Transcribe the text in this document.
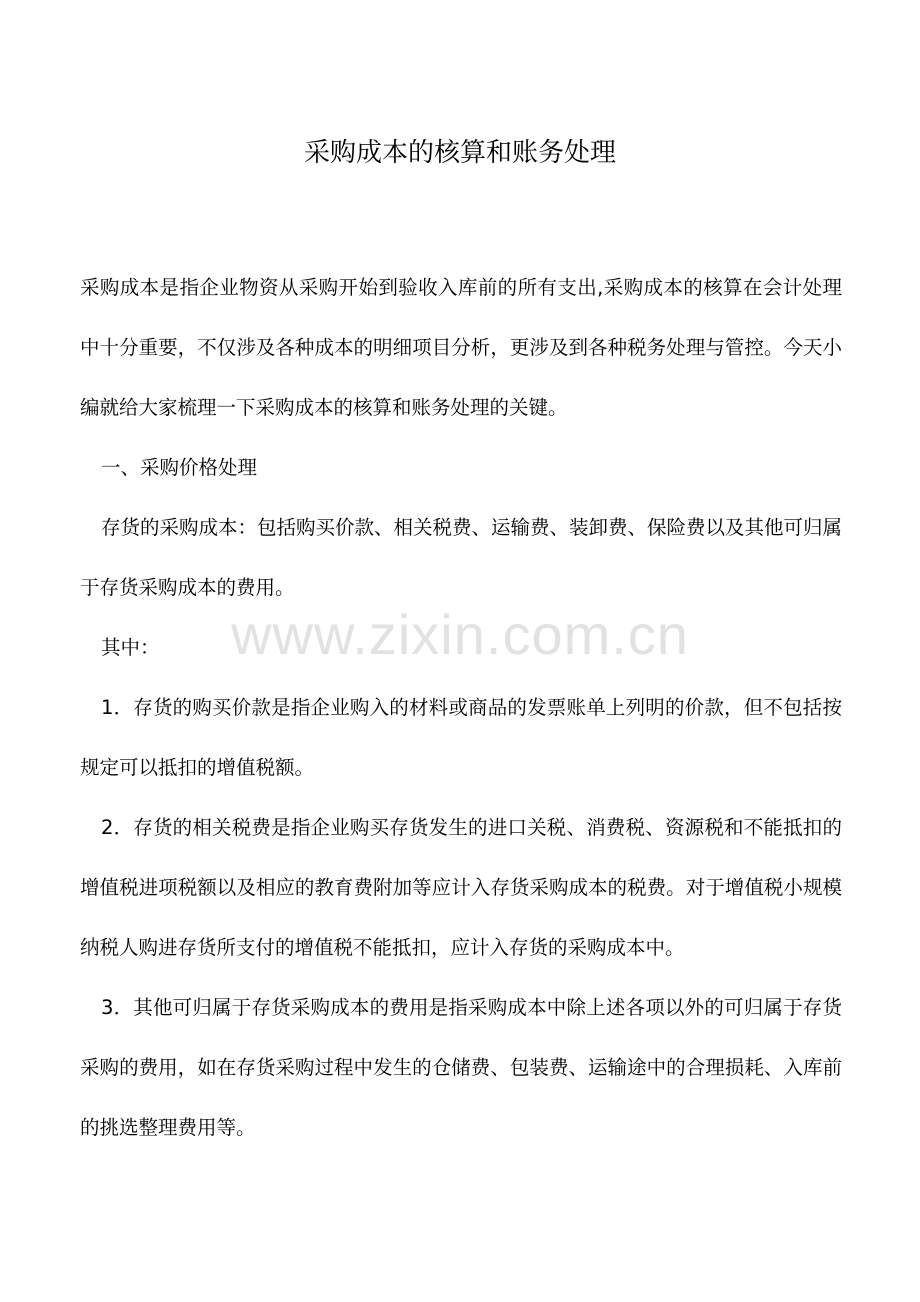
www.zixin.com.cn
采购成本的核算和账务处理

采购成本是指企业物资从采购开始到验收入库前的所有支出,采购成本的核算在会计处理中十分重要，不仅涉及各种成本的明细项目分析，更涉及到各种税务处理与管控。今天小编就给大家梳理一下采购成本的核算和账务处理的关键。

一、采购价格处理

存货的采购成本：包括购买价款、相关税费、运输费、装卸费、保险费以及其他可归属于存货采购成本的费用。

其中：

1．存货的购买价款是指企业购入的材料或商品的发票账单上列明的价款，但不包括按规定可以抵扣的增值税额。

2．存货的相关税费是指企业购买存货发生的进口关税、消费税、资源税和不能抵扣的增值税进项税额以及相应的教育费附加等应计入存货采购成本的税费。对于增值税小规模纳税人购进存货所支付的增值税不能抵扣，应计入存货的采购成本中。

3．其他可归属于存货采购成本的费用是指采购成本中除上述各项以外的可归属于存货采购的费用，如在存货采购过程中发生的仓储费、包装费、运输途中的合理损耗、入库前的挑选整理费用等。
